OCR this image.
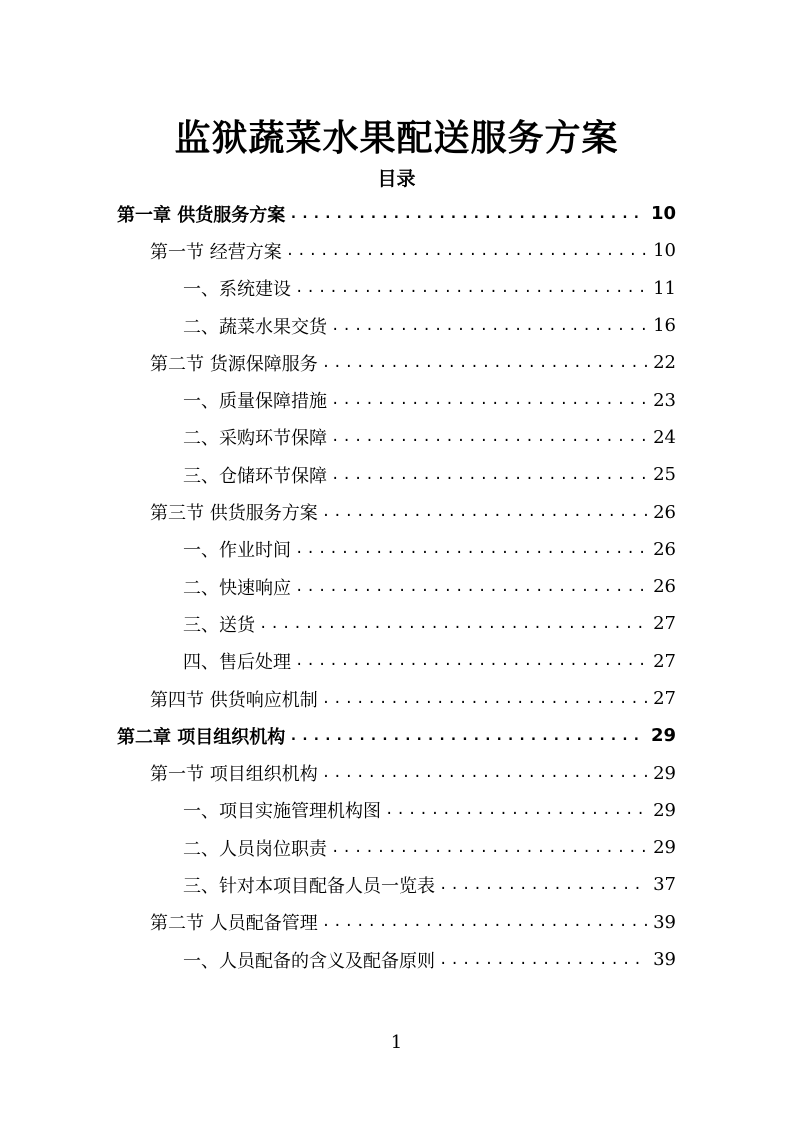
监狱蔬菜水果配送服务方案
目录
第一章 供货服务方案 .....	10
第一节 经营方案 .....	10
一、系统建设 .....	11
二、蔬菜水果交货 .....	16
第二节 货源保障服务 .....	22
一、质量保障措施 .....	23
二、采购环节保障 .....	24
三、仓储环节保障 .....	25
第三节 供货服务方案 .....	26
一、作业时间 .....	26
二、快速响应 .....	26
三、送货 .....	27
四、售后处理 .....	27
第四节 供货响应机制 .....	27
第二章 项目组织机构 .....	29
第一节 项目组织机构 .....	29
一、项目实施管理机构图 .....	29
二、人员岗位职责 .....	29
三、针对本项目配备人员一览表 .....	37
第二节 人员配备管理 .....	39
一、人员配备的含义及配备原则 .....	39
1
